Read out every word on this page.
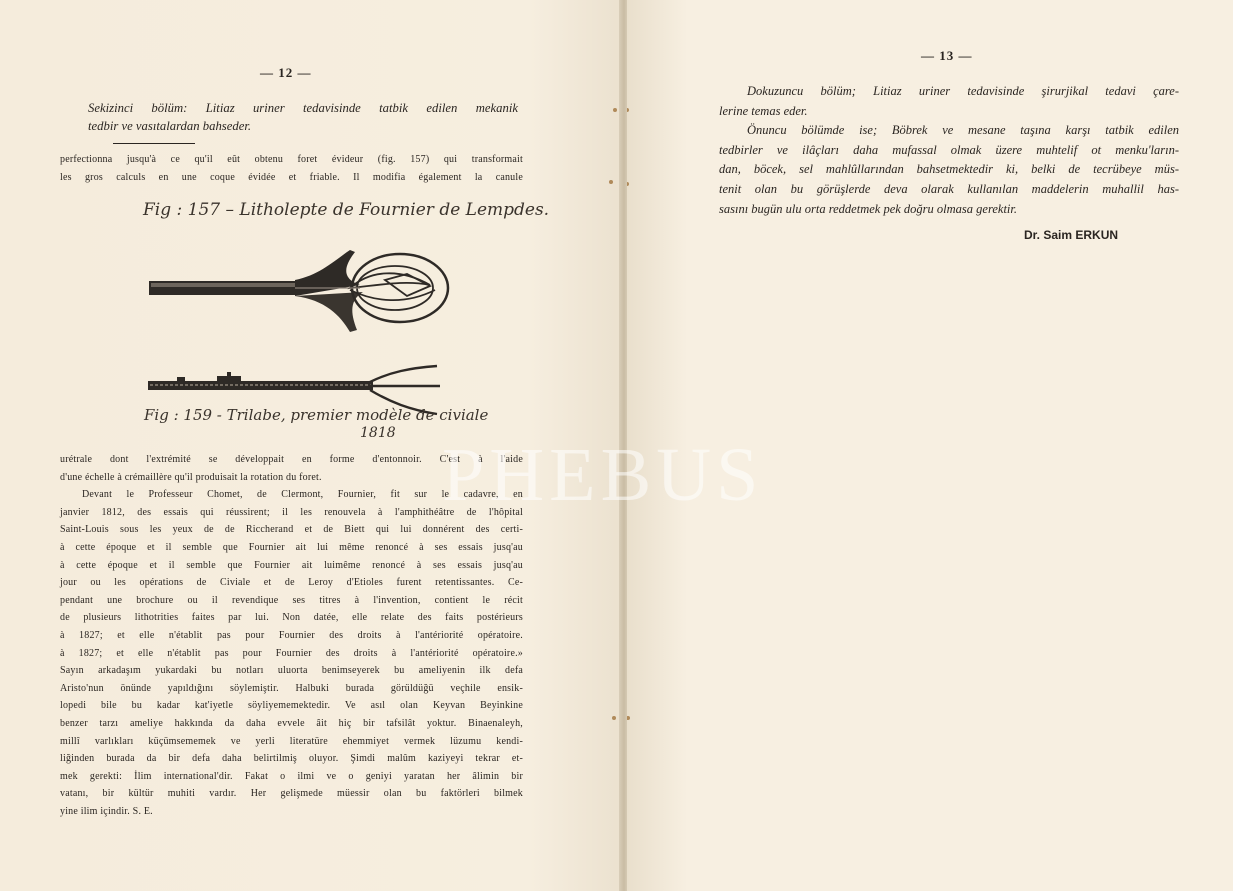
— 12 —
Sekizinci bölüm: Litiaz uriner tedavisinde tatbik edilen mekanik
tedbir ve vasıtalardan bahseder.
perfectionna jusqu'à ce qu'il eût obtenu foret évideur (fig. 157) qui transformait
les gros calculs en une coque évidée et friable. Il modifia également la canule
Fig : 157 – Litholepte de Fournier de Lempdes.
Fig : 159 - Trilabe, premier modèle de civiale
1818
urétrale dont l'extrémité se développait en forme d'entonnoir. C'est à l'aide
d'une échelle à crémaillère qu'il produisait la rotation du foret.
Devant le Professeur Chomet, de Clermont, Fournier, fit sur le cadavre, en
janvier 1812, des essais qui réussirent; il les renouvela à l'amphithéâtre de l'hôpital
Saint-Louis sous les yeux de de Riccherand et de Biett qui lui donnérent des certi-
à cette époque et il semble que Fournier ait lui même renoncé à ses essais jusq'au
à cette époque et il semble que Fournier ait luimême renoncé à ses essais jusq'au
jour ou les opérations de Civiale et de Leroy d'Etioles furent retentissantes. Ce-
pendant une brochure ou il revendique ses titres à l'invention, contient le récit
de plusieurs lithotrities faites par lui. Non datée, elle relate des faits postérieurs
à 1827; et elle n'établit pas pour Fournier des droits à l'antériorité opératoire.
à 1827; et elle n'établit pas pour Fournier des droits à l'antériorité opératoire.»
Sayın arkadaşım yukardaki bu notları uluorta benimseyerek bu ameliyenin ilk defa
Aristo'nun önünde yapıldığını söylemiştir. Halbuki burada görüldüğü veçhile ensik-
lopedi bile bu kadar kat'iyetle söyliyememektedir. Ve asıl olan Keyvan Beyinkine
benzer tarzı ameliye hakkında da daha evvele âit hiç bir tafsilât yoktur. Binaenaleyh,
millî varlıkları küçümsememek ve yerli literatüre ehemmiyet vermek lüzumu kendi-
liğinden burada da bir defa daha belirtilmiş oluyor. Şimdi malûm kaziyeyi tekrar et-
mek gerekti: İlim international'dir. Fakat o ilmi ve o geniyi yaratan her âlimin bir
vatanı, bir kültür muhiti vardır. Her gelişmede müessir olan bu faktörleri bilmek
yine ilim içindir. S. E.
— 13 —
Dokuzuncu bölüm; Litiaz uriner tedavisinde şirurjikal tedavi çare-
lerine temas eder.
Önuncu bölümde ise; Böbrek ve mesane taşına karşı tatbik edilen
tedbirler ve ilâçları daha mufassal olmak üzere muhtelif ot menku'ların-
dan, böcek, sel mahlûllarından bahsetmektedir ki, belki de tecrübeye müs-
tenit olan bu görüşlerde deva olarak kullanılan maddelerin muhallil has-
sasını bugün ulu orta reddetmek pek doğru olmasa gerektir.
Dr. Saim ERKUN
PHEBUS
